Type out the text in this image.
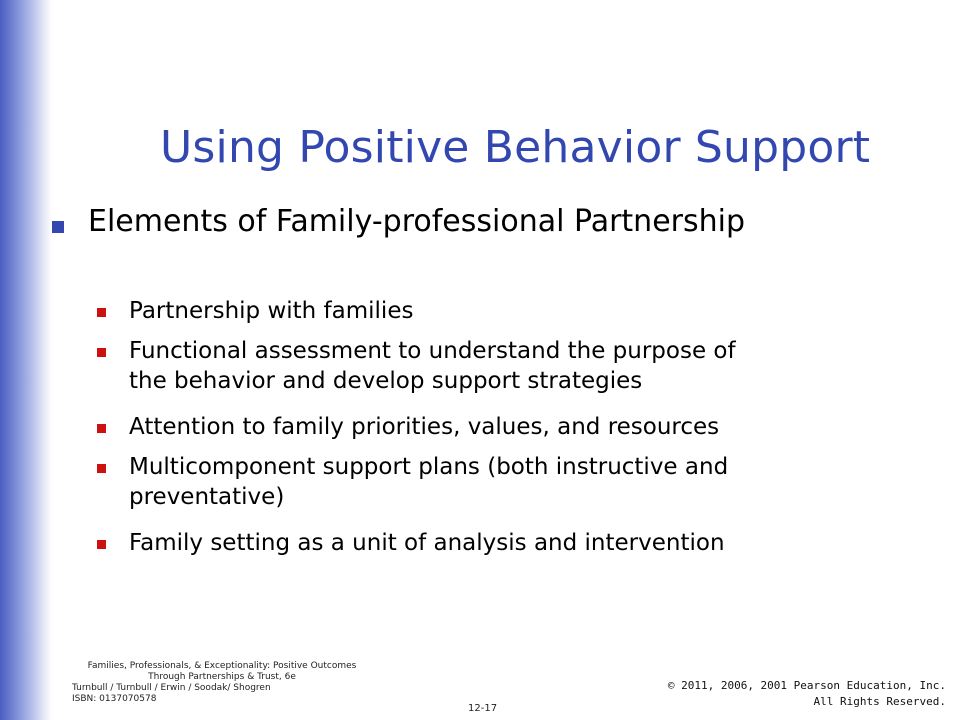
Using Positive Behavior Support
Elements of Family-professional Partnership
Partnership with families
Functional assessment to understand the purpose of
the behavior and develop support strategies
Attention to family priorities, values, and resources
Multicomponent support plans (both instructive and
preventative)
Family setting as a unit of analysis and intervention
Families, Professionals, & Exceptionality: Positive Outcomes
Through Partnerships & Trust, 6e
Turnbull / Turnbull / Erwin / Soodak/ Shogren
ISBN: 0137070578
12-17
© 2011, 2006, 2001 Pearson Education, Inc.
All Rights Reserved.
